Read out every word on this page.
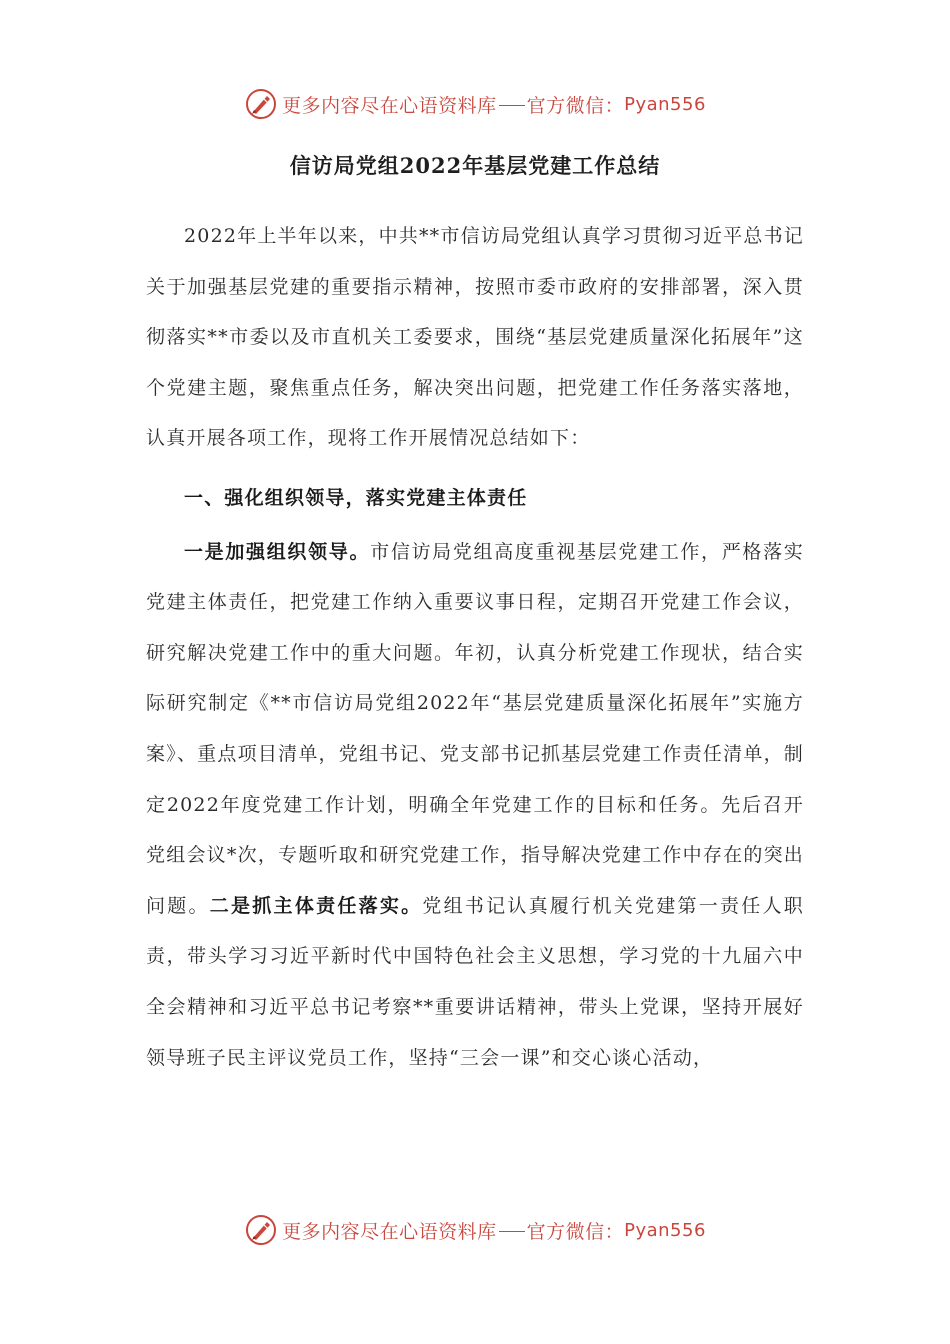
更多内容尽在心语资料库 官方微信： Pyan556
信访局党组2022年基层党建工作总结

2022年上半年以来，中共**市信访局党组认真学习贯彻习近平总书记关于加强基层党建的重要指示精神，按照市委市政府的安排部署，深入贯彻落实**市委以及市直机关工委要求，围绕“基层党建质量深化拓展年”这个党建主题，聚焦重点任务，解决突出问题，把党建工作任务落实落地，认真开展各项工作，现将工作开展情况总结如下：

一、强化组织领导，落实党建主体责任

一是加强组织领导。市信访局党组高度重视基层党建工作，严格落实党建主体责任，把党建工作纳入重要议事日程，定期召开党建工作会议，研究解决党建工作中的重大问题。年初，认真分析党建工作现状，结合实际研究制定《**市信访局党组2022年“基层党建质量深化拓展年”实施方案》、重点项目清单，党组书记、党支部书记抓基层党建工作责任清单，制定2022年度党建工作计划，明确全年党建工作的目标和任务。先后召开党组会议*次，专题听取和研究党建工作，指导解决党建工作中存在的突出问题。二是抓主体责任落实。党组书记认真履行机关党建第一责任人职责，带头学习习近平新时代中国特色社会主义思想，学习党的十九届六中全会精神和习近平总书记考察**重要讲话精神，带头上党课，坚持开展好领导班子民主评议党员工作，坚持“三会一课”和交心谈心活动，

更多内容尽在心语资料库 官方微信： Pyan556
